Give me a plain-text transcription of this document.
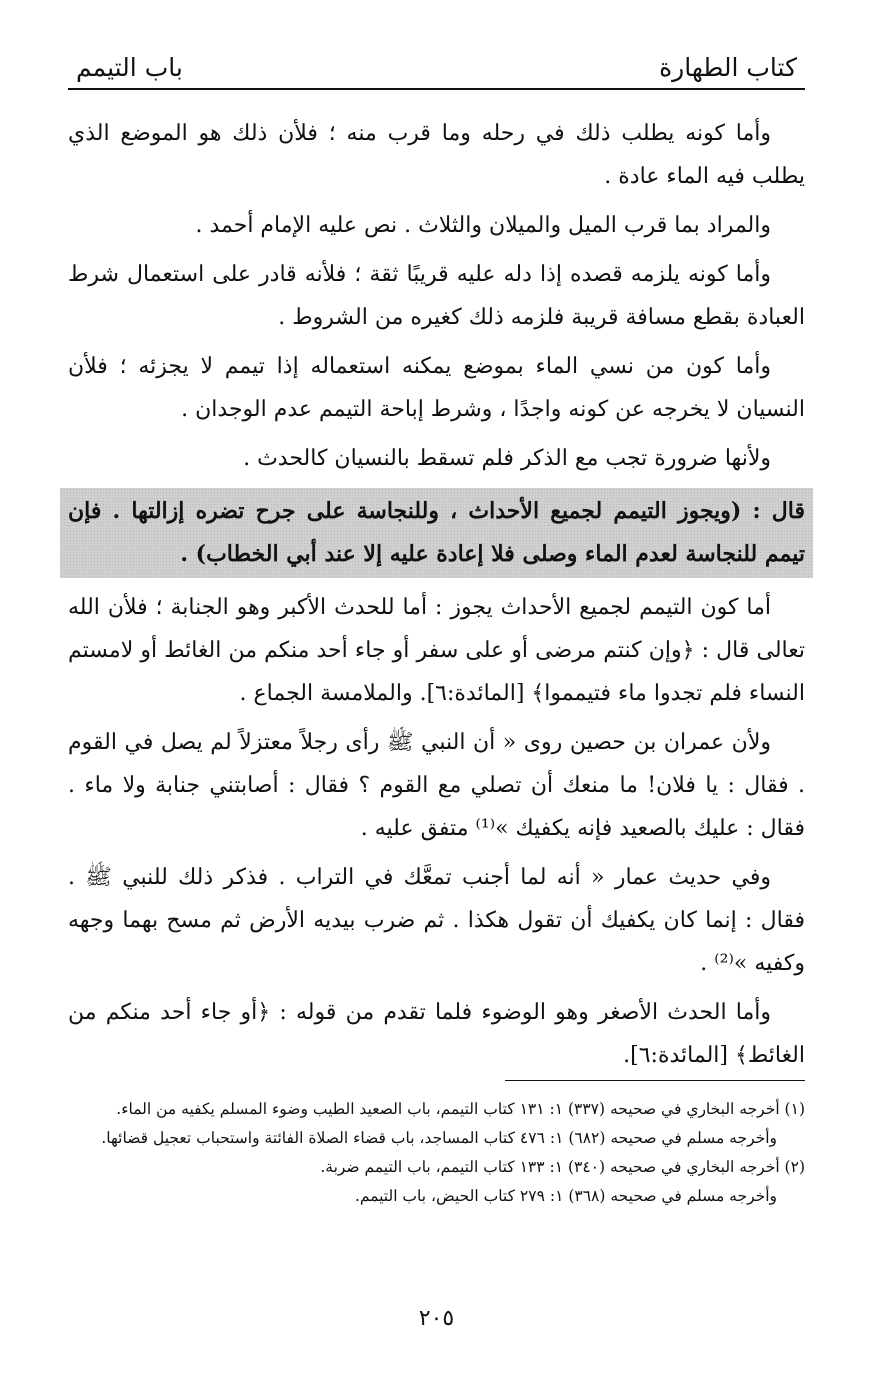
كتاب الطهارة
باب التيمم

وأما كونه يطلب ذلك في رحله وما قرب منه ؛ فلأن ذلك هو الموضع الذي يطلب فيه الماء عادة .

والمراد بما قرب الميل والميلان والثلاث . نص عليه الإمام أحمد .

وأما كونه يلزمه قصده إذا دله عليه قريبًا ثقة ؛ فلأنه قادر على استعمال شرط العبادة بقطع مسافة قريبة فلزمه ذلك كغيره من الشروط .

وأما كون من نسي الماء بموضع يمكنه استعماله إذا تيمم لا يجزئه ؛ فلأن النسيان لا يخرجه عن كونه واجدًا ، وشرط إباحة التيمم عدم الوجدان .

ولأنها ضرورة تجب مع الذكر فلم تسقط بالنسيان كالحدث .

قال : (ويجوز التيمم لجميع الأحداث ، وللنجاسة على جرح تضره إزالتها . فإن تيمم للنجاسة لعدم الماء وصلى فلا إعادة عليه إلا عند أبي الخطاب) .

أما كون التيمم لجميع الأحداث يجوز : أما للحدث الأكبر وهو الجنابة ؛ فلأن الله تعالى قال : ﴿وإن كنتم مرضى أو على سفر أو جاء أحد منكم من الغائط أو لامستم النساء فلم تجدوا ماء فتيمموا﴾ [المائدة:٦]. والملامسة الجماع .

ولأن عمران بن حصين روى « أن النبي ﷺ رأى رجلاً معتزلاً لم يصل في القوم . فقال : يا فلان! ما منعك أن تصلي مع القوم ؟ فقال : أصابتني جنابة ولا ماء . فقال : عليك بالصعيد فإنه يكفيك »⁽¹⁾ متفق عليه .

وفي حديث عمار « أنه لما أجنب تمعَّك في التراب . فذكر ذلك للنبي ﷺ . فقال : إنما كان يكفيك أن تقول هكذا . ثم ضرب بيديه الأرض ثم مسح بهما وجهه وكفيه »⁽²⁾ .

وأما الحدث الأصغر وهو الوضوء فلما تقدم من قوله : ﴿أو جاء أحد منكم من الغائط﴾ [المائدة:٦].

(١) أخرجه البخاري في صحيحه (٣٣٧) ١: ١٣١ كتاب التيمم، باب الصعيد الطيب وضوء المسلم يكفيه من الماء.

وأخرجه مسلم في صحيحه (٦٨٢) ١: ٤٧٦ كتاب المساجد، باب قضاء الصلاة الفائتة واستحباب تعجيل قضائها.

(٢) أخرجه البخاري في صحيحه (٣٤٠) ١: ١٣٣ كتاب التيمم، باب التيمم ضربة.

وأخرجه مسلم في صحيحه (٣٦٨) ١: ٢٧٩ كتاب الحيض، باب التيمم.

٢٠٥
